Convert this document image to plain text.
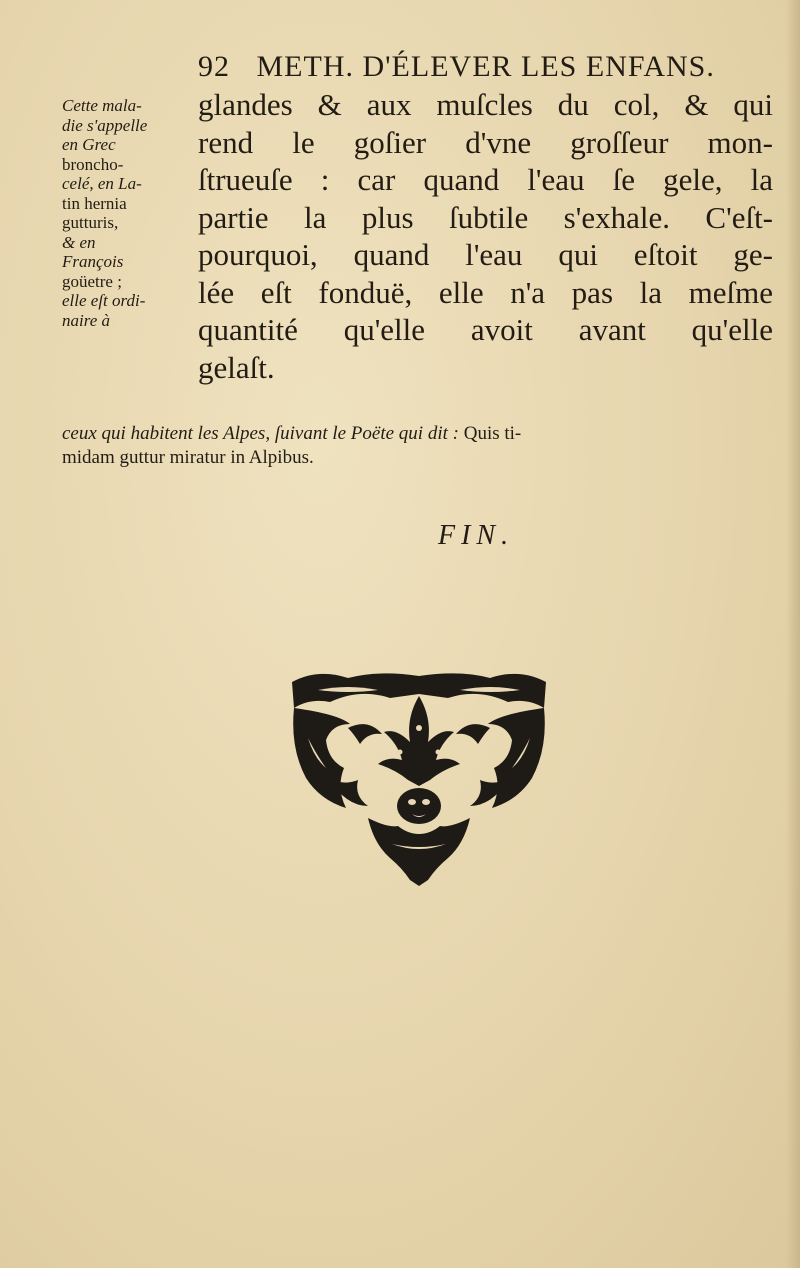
92 METH. D'ÉLEVER LES ENFANS.
glandes & aux muſcles du col, & qui
rend le goſier d'vne groſſeur mon-
ſtrueuſe : car quand l'eau ſe gele, la
partie la plus ſubtile s'exhale. C'eſt-
pourquoi, quand l'eau qui eſtoit ge-
lée eſt fonduë, elle n'a pas la meſme
quantité qu'elle avoit avant qu'elle
gelaſt.
Cette mala-
die s'appelle
en Grec
broncho-
celé, en La-
tin hernia
gutturis,
& en
François
goüetre ;
elle eſt ordi-
naire à
ceux qui habitent les Alpes, ſuivant le Poëte qui dit : Quis ti-
midam guttur miratur in Alpibus.
FIN.
